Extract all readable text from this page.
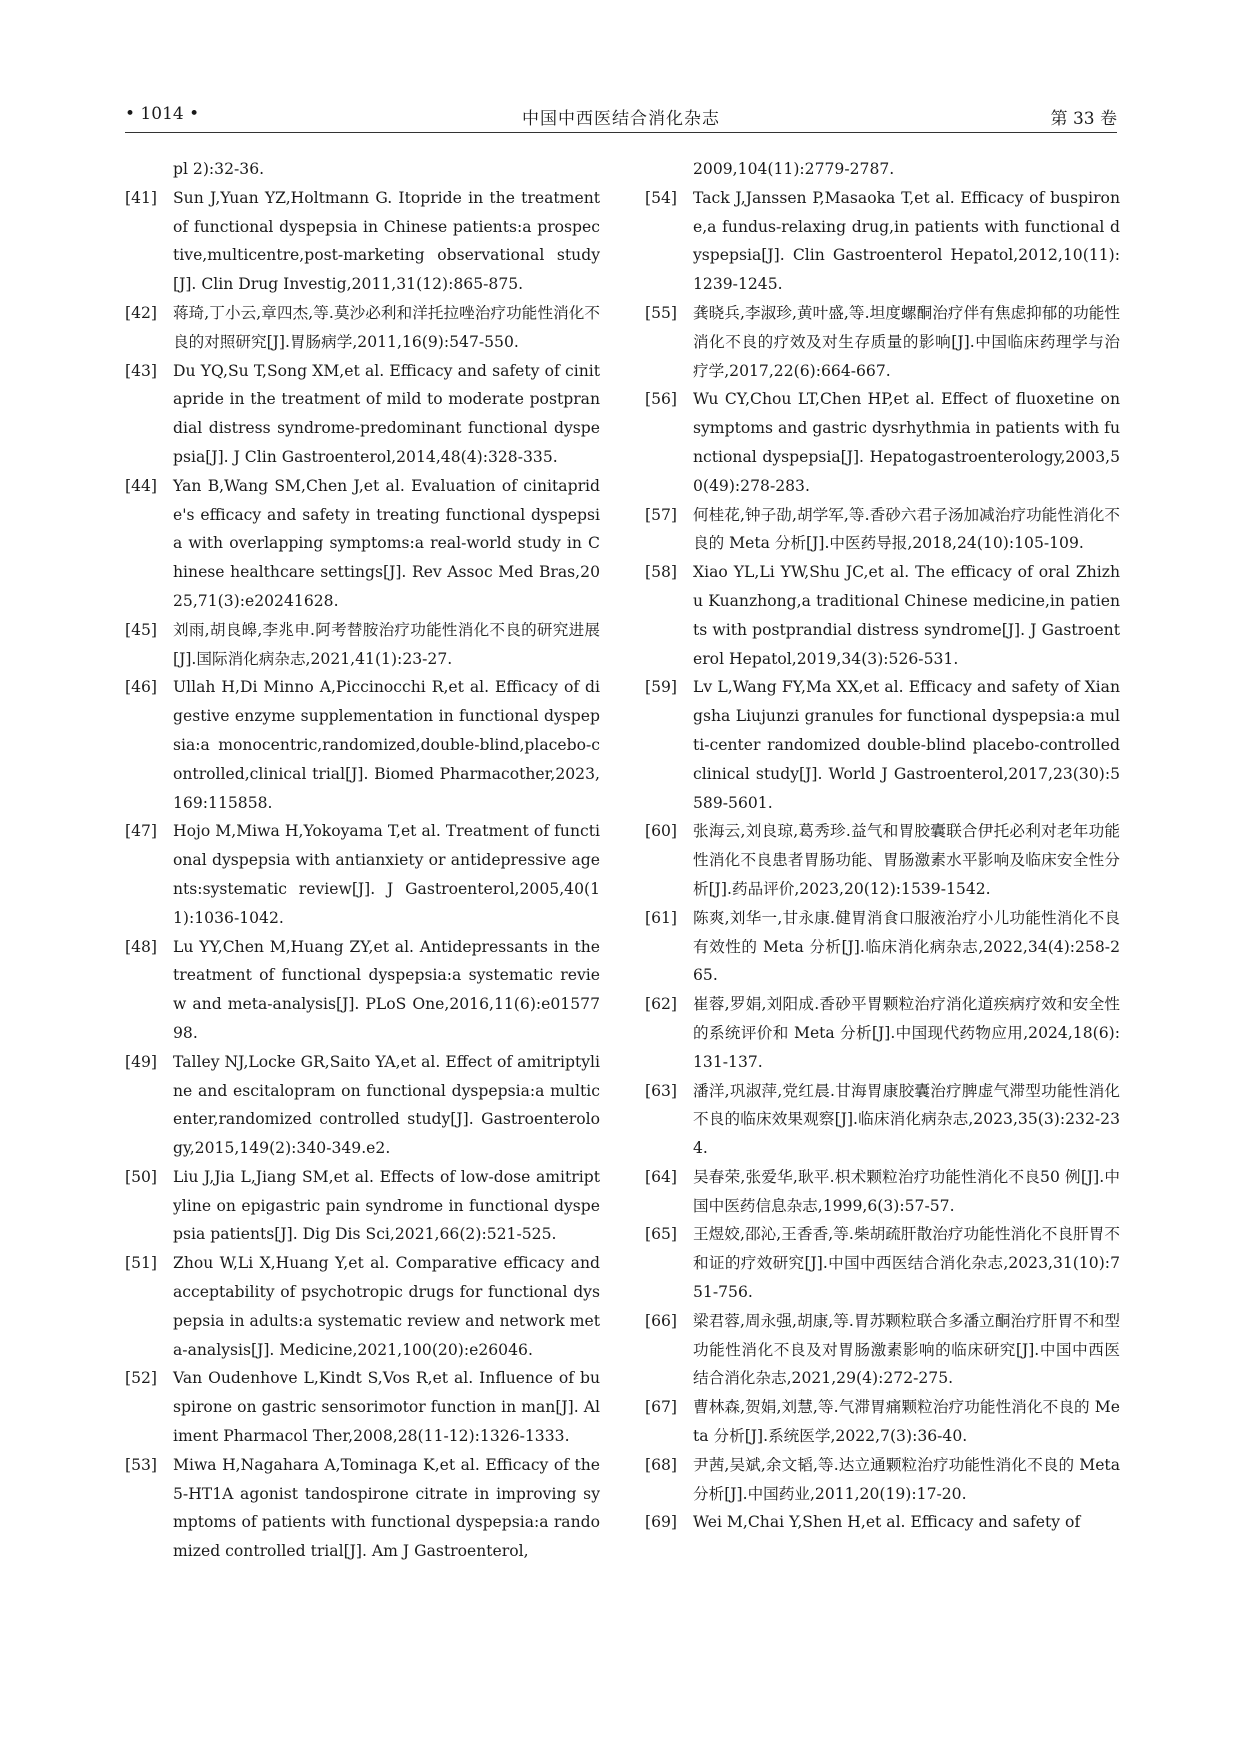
中国中西医结合消化杂志
• 1014 •	第 33 卷
pl 2):32-36.
[41] Sun J,Yuan YZ,Holtmann G. Itopride in the treatment of functional dyspepsia in Chinese patients:a prospective,multicentre,post-marketing observational study[J]. Clin Drug Investig,2011,31(12):865-875.
[42] 蒋琦,丁小云,章四杰,等.莫沙必利和洋托拉唑治疗功能性消化不良的对照研究[J].胃肠病学,2011,16(9):547-550.
[43] Du YQ,Su T,Song XM,et al. Efficacy and safety of cinitapride in the treatment of mild to moderate postprandial distress syndrome-predominant functional dyspepsia[J]. J Clin Gastroenterol,2014,48(4):328-335.
[44] Yan B,Wang SM,Chen J,et al. Evaluation of cinitapride's efficacy and safety in treating functional dyspepsia with overlapping symptoms:a real-world study in Chinese healthcare settings[J]. Rev Assoc Med Bras,2025,71(3):e20241628.
[45] 刘雨,胡良皞,李兆申.阿考替胺治疗功能性消化不良的研究进展[J].国际消化病杂志,2021,41(1):23-27.
[46] Ullah H,Di Minno A,Piccinocchi R,et al. Efficacy of digestive enzyme supplementation in functional dyspepsia:a monocentric,randomized,double-blind,placebo-controlled,clinical trial[J]. Biomed Pharmacother,2023,169:115858.
[47] Hojo M,Miwa H,Yokoyama T,et al. Treatment of functional dyspepsia with antianxiety or antidepressive agents:systematic review[J]. J Gastroenterol,2005,40(11):1036-1042.
[48] Lu YY,Chen M,Huang ZY,et al. Antidepressants in the treatment of functional dyspepsia:a systematic review and meta-analysis[J]. PLoS One,2016,11(6):e0157798.
[49] Talley NJ,Locke GR,Saito YA,et al. Effect of amitriptyline and escitalopram on functional dyspepsia:a multicenter,randomized controlled study[J]. Gastroenterology,2015,149(2):340-349.e2.
[50] Liu J,Jia L,Jiang SM,et al. Effects of low-dose amitriptyline on epigastric pain syndrome in functional dyspepsia patients[J]. Dig Dis Sci,2021,66(2):521-525.
[51] Zhou W,Li X,Huang Y,et al. Comparative efficacy and acceptability of psychotropic drugs for functional dyspepsia in adults:a systematic review and network meta-analysis[J]. Medicine,2021,100(20):e26046.
[52] Van Oudenhove L,Kindt S,Vos R,et al. Influence of buspirone on gastric sensorimotor function in man[J]. Aliment Pharmacol Ther,2008,28(11-12):1326-1333.
[53] Miwa H,Nagahara A,Tominaga K,et al. Efficacy of the 5-HT1A agonist tandospirone citrate in improving symptoms of patients with functional dyspepsia:a randomized controlled trial[J]. Am J Gastroenterol,
2009,104(11):2779-2787.
[54] Tack J,Janssen P,Masaoka T,et al. Efficacy of buspirone,a fundus-relaxing drug,in patients with functional dyspepsia[J]. Clin Gastroenterol Hepatol,2012,10(11):1239-1245.
[55] 龚晓兵,李淑珍,黄叶盛,等.坦度螺酮治疗伴有焦虑抑郁的功能性消化不良的疗效及对生存质量的影响[J].中国临床药理学与治疗学,2017,22(6):664-667.
[56] Wu CY,Chou LT,Chen HP,et al. Effect of fluoxetine on symptoms and gastric dysrhythmia in patients with functional dyspepsia[J]. Hepatogastroenterology,2003,50(49):278-283.
[57] 何桂花,钟子劭,胡学军,等.香砂六君子汤加减治疗功能性消化不良的 Meta 分析[J].中医药导报,2018,24(10):105-109.
[58] Xiao YL,Li YW,Shu JC,et al. The efficacy of oral Zhizhu Kuanzhong,a traditional Chinese medicine,in patients with postprandial distress syndrome[J]. J Gastroenterol Hepatol,2019,34(3):526-531.
[59] Lv L,Wang FY,Ma XX,et al. Efficacy and safety of Xiangsha Liujunzi granules for functional dyspepsia:a multi-center randomized double-blind placebo-controlled clinical study[J]. World J Gastroenterol,2017,23(30):5589-5601.
[60] 张海云,刘良琼,葛秀珍.益气和胃胶囊联合伊托必利对老年功能性消化不良患者胃肠功能、胃肠激素水平影响及临床安全性分析[J].药品评价,2023,20(12):1539-1542.
[61] 陈爽,刘华一,甘永康.健胃消食口服液治疗小儿功能性消化不良有效性的 Meta 分析[J].临床消化病杂志,2022,34(4):258-265.
[62] 崔蓉,罗娟,刘阳成.香砂平胃颗粒治疗消化道疾病疗效和安全性的系统评价和 Meta 分析[J].中国现代药物应用,2024,18(6):131-137.
[63] 潘洋,巩淑萍,党红晨.甘海胃康胶囊治疗脾虚气滞型功能性消化不良的临床效果观察[J].临床消化病杂志,2023,35(3):232-234.
[64] 吴春荣,张爱华,耿平.枳术颗粒治疗功能性消化不良50 例[J].中国中医药信息杂志,1999,6(3):57-57.
[65] 王煜姣,邵沁,王香香,等.柴胡疏肝散治疗功能性消化不良肝胃不和证的疗效研究[J].中国中西医结合消化杂志,2023,31(10):751-756.
[66] 梁君蓉,周永强,胡康,等.胃苏颗粒联合多潘立酮治疗肝胃不和型功能性消化不良及对胃肠激素影响的临床研究[J].中国中西医结合消化杂志,2021,29(4):272-275.
[67] 曹林森,贺娟,刘慧,等.气滞胃痛颗粒治疗功能性消化不良的 Meta 分析[J].系统医学,2022,7(3):36-40.
[68] 尹茜,吴斌,余文韬,等.达立通颗粒治疗功能性消化不良的 Meta 分析[J].中国药业,2011,20(19):17-20.
[69] Wei M,Chai Y,Shen H,et al. Efficacy and safety of
